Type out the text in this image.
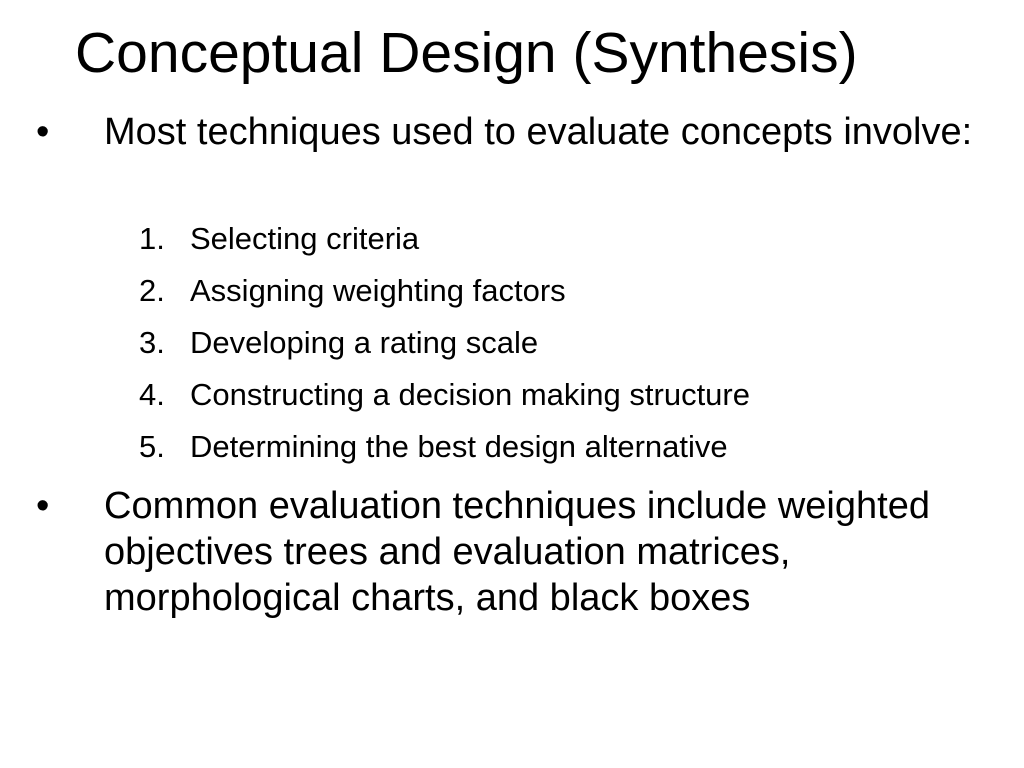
Conceptual Design (Synthesis)
• Most techniques used to evaluate concepts involve:
1. Selecting criteria
2. Assigning weighting factors
3. Developing a rating scale
4. Constructing a decision making structure
5. Determining the best design alternative
• Common evaluation techniques include weighted objectives trees and evaluation matrices, morphological charts, and black boxes
